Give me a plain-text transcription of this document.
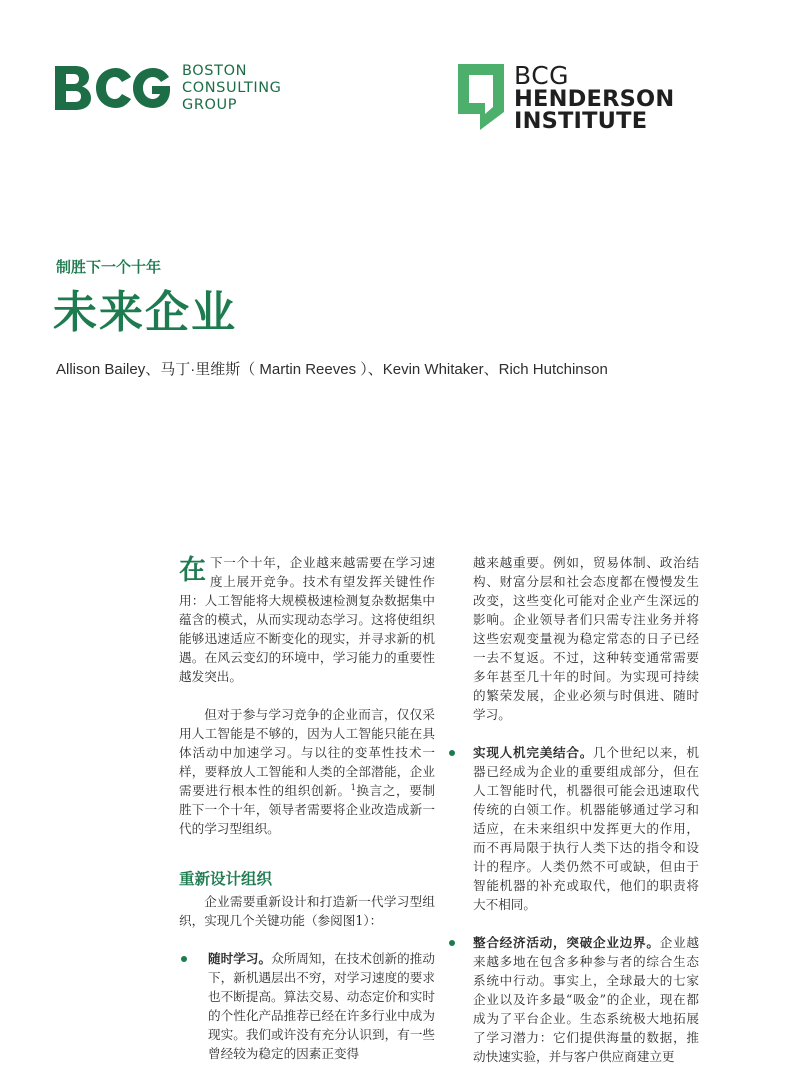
BOSTON
CONSULTING
GROUP
BCG
HENDERSON
INSTITUTE
制胜下一个十年
未来企业
Allison Bailey、马丁·里维斯（ Martin Reeves ）、Kevin Whitaker、Rich Hutchinson

在下一个十年，企业越来越需要在学习速度上展开竞争。技术有望发挥关键性作用：人工智能将大规模极速检测复杂数据集中蕴含的模式，从而实现动态学习。这将使组织能够迅速适应不断变化的现实，并寻求新的机遇。在风云变幻的环境中，学习能力的重要性越发突出。

但对于参与学习竞争的企业而言，仅仅采用人工智能是不够的，因为人工智能只能在具体活动中加速学习。与以往的变革性技术一样，要释放人工智能和人类的全部潜能，企业需要进行根本性的组织创新。$^1$换言之，要制胜下一个十年，领导者需要将企业改造成新一代的学习型组织。

重新设计组织

企业需要重新设计和打造新一代学习型组织，实现几个关键功能（参阅图1）：

随时学习。众所周知，在技术创新的推动下，新机遇层出不穷，对学习速度的要求也不断提高。算法交易、动态定价和实时的个性化产品推荐已经在许多行业中成为现实。我们或许没有充分认识到，有一些曾经较为稳定的因素正变得

越来越重要。例如，贸易体制、政治结构、财富分层和社会态度都在慢慢发生改变，这些变化可能对企业产生深远的影响。企业领导者们只需专注业务并将这些宏观变量视为稳定常态的日子已经一去不复返。不过，这种转变通常需要多年甚至几十年的时间。为实现可持续的繁荣发展，企业必须与时俱进、随时学习。

实现人机完美结合。几个世纪以来，机器已经成为企业的重要组成部分，但在人工智能时代，机器很可能会迅速取代传统的白领工作。机器能够通过学习和适应，在未来组织中发挥更大的作用，而不再局限于执行人类下达的指令和设计的程序。人类仍然不可或缺，但由于智能机器的补充或取代，他们的职责将大不相同。

整合经济活动，突破企业边界。企业越来越多地在包含多种参与者的综合生态系统中行动。事实上，全球最大的七家企业以及许多最“吸金”的企业，现在都成为了平台企业。生态系统极大地拓展了学习潜力：它们提供海量的数据，推动快速实验，并与客户供应商建立更
